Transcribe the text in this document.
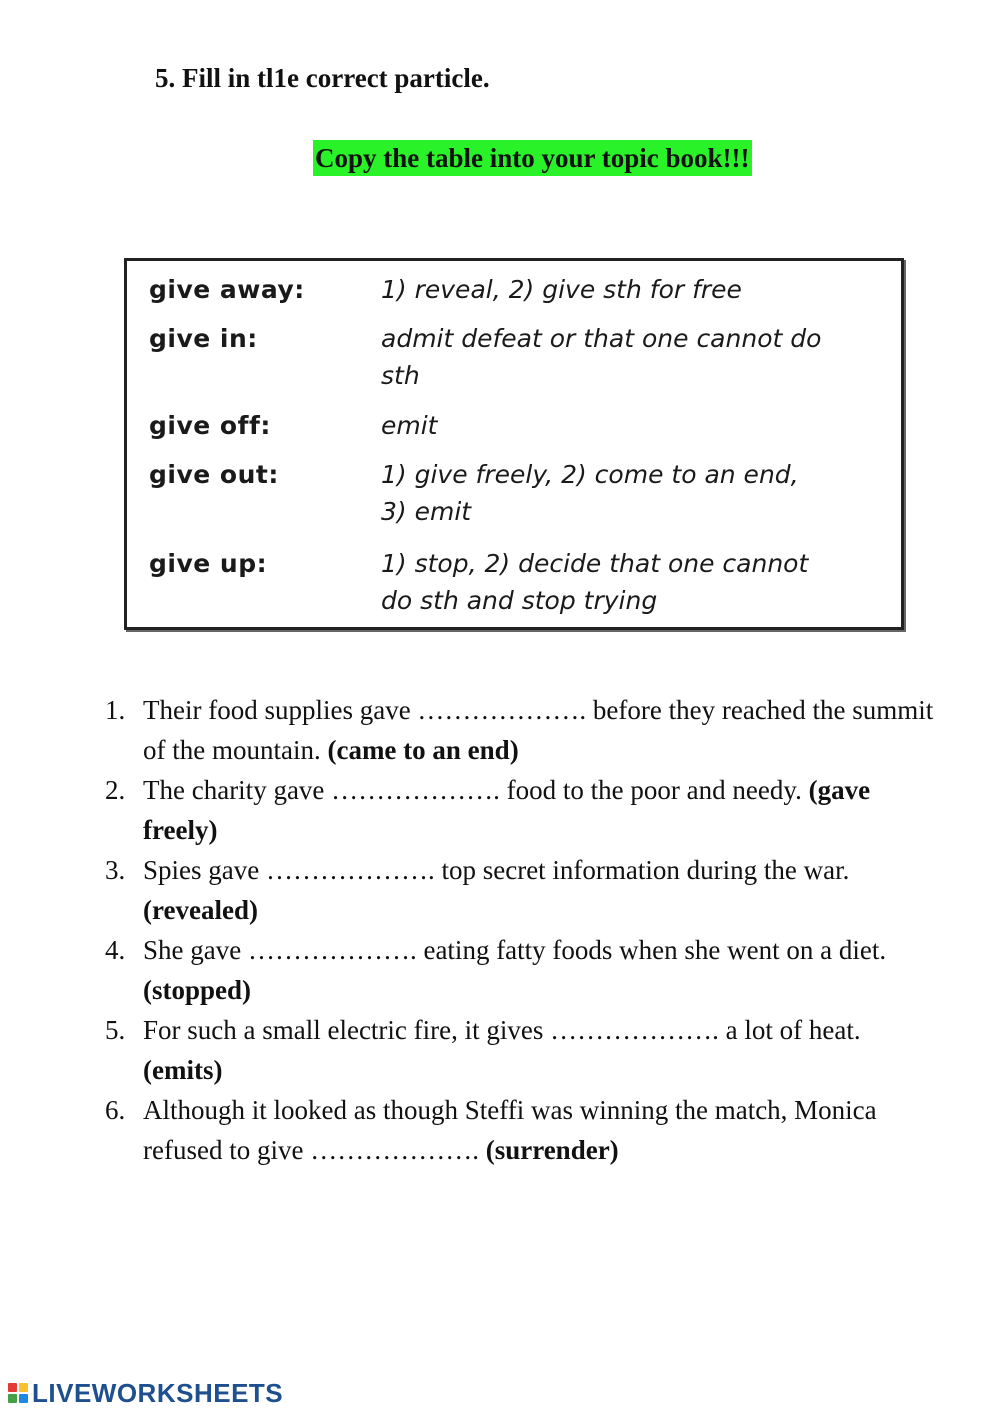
5. Fill in tl1e correct particle.
Copy the table into your topic book!!!
give away:	1) reveal, 2) give sth for free
give in:	admit defeat or that one cannot do
sth
give off:	emit
give out:	1) give freely, 2) come to an end,
3) emit
give up:	1) stop, 2) decide that one cannot
do sth and stop trying
1. Their food supplies gave ………………. before they reached the summit of the mountain. (came to an end)
2. The charity gave ………………. food to the poor and needy. (gave freely)
3. Spies gave ………………. top secret information during the war. (revealed)
4. She gave ………………. eating fatty foods when she went on a diet. (stopped)
5. For such a small electric fire, it gives ………………. a lot of heat. (emits)
6. Although it looked as though Steffi was winning the match, Monica refused to give ………………. (surrender)
LIVEWORKSHEETS
